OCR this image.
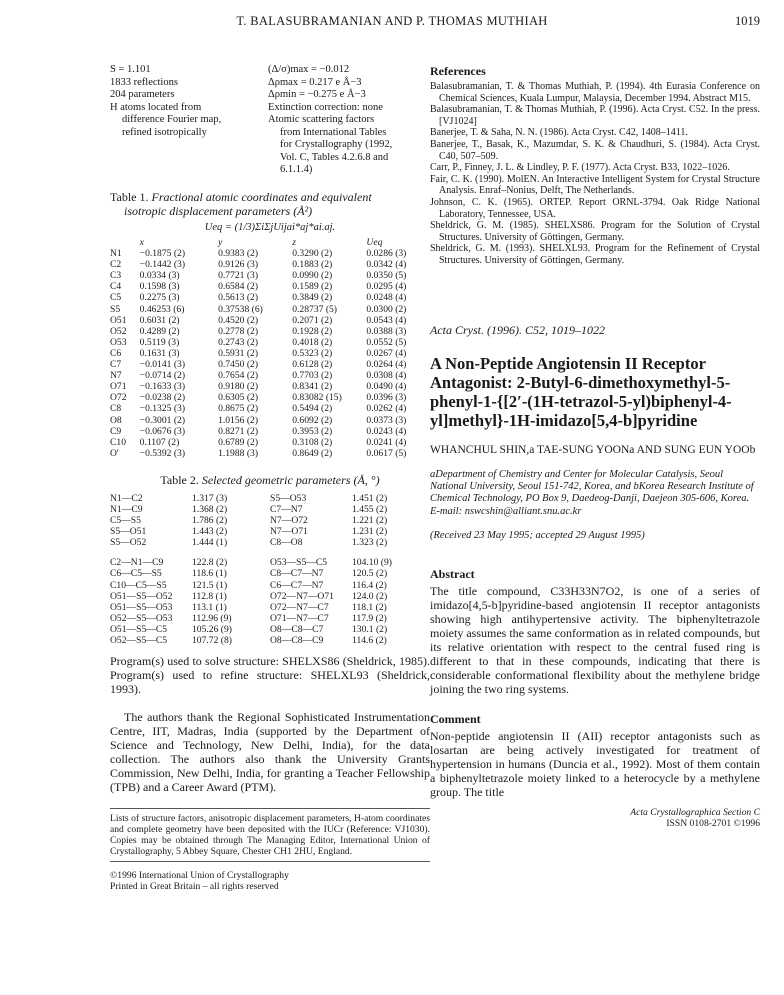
T. BALASUBRAMANIAN AND P. THOMAS MUTHIAH	1019
S = 1.101
1833 reflections
204 parameters
H atoms located from
difference Fourier map,
refined isotropically
(Δ/σ)max = −0.012
Δρmax = 0.217 e Å−3
Δρmin = −0.275 e Å−3
Extinction correction: none
Atomic scattering factors
from International Tables
for Crystallography (1992,
Vol. C, Tables 4.2.6.8 and
6.1.1.4)
Table 1. Fractional atomic coordinates and equivalent
isotropic displacement parameters (Å²)
Ueq = (1/3)ΣiΣjUijai*aj*ai.aj.
	x	y	z	Ueq
N1	−0.1875 (2)	0.9383 (2)	0.3290 (2)	0.0286 (3)
C2	−0.1442 (3)	0.9126 (3)	0.1883 (2)	0.0342 (4)
C3	0.0334 (3)	0.7721 (3)	0.0990 (2)	0.0350 (5)
C4	0.1598 (3)	0.6584 (2)	0.1589 (2)	0.0295 (4)
C5	0.2275 (3)	0.5613 (2)	0.3849 (2)	0.0248 (4)
S5	0.46253 (6)	0.37538 (6)	0.28737 (5)	0.0300 (2)
O51	0.6031 (2)	0.4520 (2)	0.2071 (2)	0.0543 (4)
O52	0.4289 (2)	0.2778 (2)	0.1928 (2)	0.0388 (3)
O53	0.5119 (3)	0.2743 (2)	0.4018 (2)	0.0552 (5)
C6	0.1631 (3)	0.5931 (2)	0.5323 (2)	0.0267 (4)
C7	−0.0141 (3)	0.7450 (2)	0.6128 (2)	0.0264 (4)
N7	−0.0714 (2)	0.7654 (2)	0.7703 (2)	0.0308 (4)
O71	−0.1633 (3)	0.9180 (2)	0.8341 (2)	0.0490 (4)
O72	−0.0238 (2)	0.6305 (2)	0.83082 (15)	0.0396 (3)
C8	−0.1325 (3)	0.8675 (2)	0.5494 (2)	0.0262 (4)
O8	−0.3001 (2)	1.0156 (2)	0.6092 (2)	0.0373 (3)
C9	−0.0676 (3)	0.8271 (2)	0.3953 (2)	0.0243 (4)
C10	0.1107 (2)	0.6789 (2)	0.3108 (2)	0.0241 (4)
O'	−0.5392 (3)	1.1988 (3)	0.8649 (2)	0.0617 (5)
Table 2. Selected geometric parameters (Å, °)
N1—C2	1.317 (3)	S5—O53	1.451 (2)
N1—C9	1.368 (2)	C7—N7	1.455 (2)
C5—S5	1.786 (2)	N7—O72	1.221 (2)
S5—O51	1.443 (2)	N7—O71	1.231 (2)
S5—O52	1.444 (1)	C8—O8	1.323 (2)

C2—N1—C9	122.8 (2)	O53—S5—C5	104.10 (9)
C6—C5—S5	118.6 (1)	C8—C7—N7	120.5 (2)
C10—C5—S5	121.5 (1)	C6—C7—N7	116.4 (2)
O51—S5—O52	112.8 (1)	O72—N7—O71	124.0 (2)
O51—S5—O53	113.1 (1)	O72—N7—C7	118.1 (2)
O52—S5—O53	112.96 (9)	O71—N7—C7	117.9 (2)
O51—S5—C5	105.26 (9)	O8—C8—C7	130.1 (2)
O52—S5—C5	107.72 (8)	O8—C8—C9	114.6 (2)
Program(s) used to solve structure: SHELXS86 (Sheldrick, 1985). Program(s) used to refine structure: SHELXL93 (Sheldrick, 1993).
The authors thank the Regional Sophisticated Instrumentation Centre, IIT, Madras, India (supported by the Department of Science and Technology, New Delhi, India), for the data collection. The authors also thank the University Grants Commission, New Delhi, India, for granting a Teacher Fellowship (TPB) and a Career Award (PTM).
Lists of structure factors, anisotropic displacement parameters, H-atom coordinates and complete geometry have been deposited with the IUCr (Reference: VJ1030). Copies may be obtained through The Managing Editor, International Union of Crystallography, 5 Abbey Square, Chester CH1 2HU, England.
©1996 International Union of Crystallography
Printed in Great Britain – all rights reserved
References
Balasubramanian, T. & Thomas Muthiah, P. (1994). 4th Eurasia Conference on Chemical Sciences, Kuala Lumpur, Malaysia, December 1994. Abstract M15.
Balasubramanian, T. & Thomas Muthiah, P. (1996). Acta Cryst. C52. In the press. [VJ1024]
Banerjee, T. & Saha, N. N. (1986). Acta Cryst. C42, 1408–1411.
Banerjee, T., Basak, K., Mazumdar, S. K. & Chaudhuri, S. (1984). Acta Cryst. C40, 507–509.
Carr, P., Finney, J. L. & Lindley, P. F. (1977). Acta Cryst. B33, 1022–1026.
Fair, C. K. (1990). MolEN. An Interactive Intelligent System for Crystal Structure Analysis. Enraf–Nonius, Delft, The Netherlands.
Johnson, C. K. (1965). ORTEP. Report ORNL-3794. Oak Ridge National Laboratory, Tennessee, USA.
Sheldrick, G. M. (1985). SHELXS86. Program for the Solution of Crystal Structures. University of Göttingen, Germany.
Sheldrick, G. M. (1993). SHELXL93. Program for the Refinement of Crystal Structures. University of Göttingen, Germany.
Acta Cryst. (1996). C52, 1019–1022
A Non-Peptide Angiotensin II Receptor Antagonist: 2-Butyl-6-dimethoxymethyl-5-phenyl-1-{[2′-(1H-tetrazol-5-yl)biphenyl-4-yl]methyl}-1H-imidazo[5,4-b]pyridine
WHANCHUL SHIN,a TAE-SUNG YOONa AND SUNG EUN YOOb
aDepartment of Chemistry and Center for Molecular Catalysis, Seoul National University, Seoul 151-742, Korea, and bKorea Research Institute of Chemical Technology, PO Box 9, Daedeog-Danji, Daejeon 305-606, Korea. E-mail: nswcshin@alliant.snu.ac.kr
(Received 23 May 1995; accepted 29 August 1995)
Abstract
The title compound, C33H33N7O2, is one of a series of imidazo[4,5-b]pyridine-based angiotensin II receptor antagonists showing high antihypertensive activity. The biphenyltetrazole moiety assumes the same conformation as in related compounds, but its relative orientation with respect to the central fused ring is different to that in these compounds, indicating that there is considerable conformational flexibility about the methylene bridge joining the two ring systems.
Comment
Non-peptide angiotensin II (AII) receptor antagonists such as losartan are being actively investigated for treatment of hypertension in humans (Duncia et al., 1992). Most of them contain a biphenyltetrazole moiety linked to a heterocycle by a methylene group. The title
Acta Crystallographica Section C
ISSN 0108-2701 ©1996
